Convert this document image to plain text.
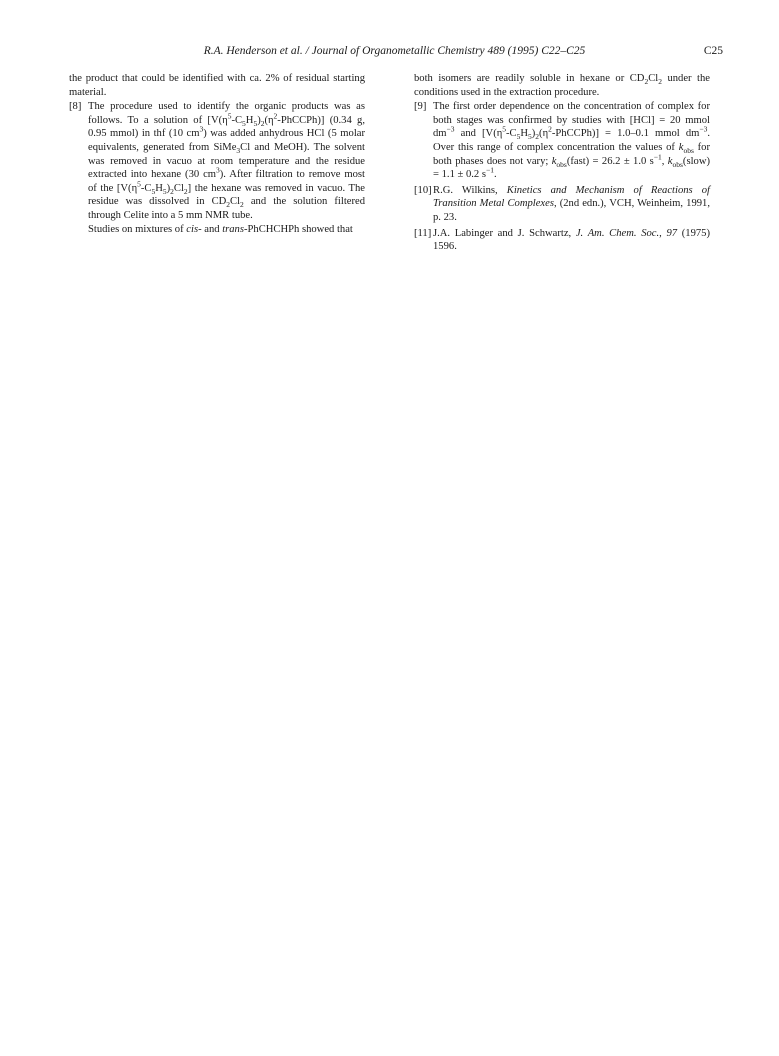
R.A. Henderson et al. / Journal of Organometallic Chemistry 489 (1995) C22–C25	C25

the product that could be identified with ca. 2% of residual starting material.

[8] The procedure used to identify the organic products was as follows. To a solution of $[V(\eta^5-C_5H_5)_2(\eta^2-PhCCPh)]$ (0.34 g, 0.95 mmol) in thf (10 $cm^3$) was added anhydrous HCl (5 molar equivalents, generated from SiMe$_3$Cl and MeOH). The solvent was removed in vacuo at room temperature and the residue extracted into hexane (30 $cm^3$). After filtration to remove most of the $[V(\eta^5-C_5H_5)_2Cl_2]$ the hexane was removed in vacuo. The residue was dissolved in $CD_2Cl_2$ and the solution filtered through Celite into a 5 mm NMR tube.
Studies on mixtures of cis- and trans-PhCHCHPh showed that

both isomers are readily soluble in hexane or $CD_2Cl_2$ under the conditions used in the extraction procedure.

[9] The first order dependence on the concentration of complex for both stages was confirmed by studies with [HCl] = 20 mmol $dm^{-3}$ and $[V(\eta^5-C_5H_5)_2(\eta^2-PhCCPh)] = 1.0-0.1$ mmol $dm^{-3}$. Over this range of complex concentration the values of $k_{obs}$ for both phases does not vary; $k_{obs}(fast) = 26.2 \pm 1.0$ $s^{-1}$, $k_{obs}(slow) = 1.1 \pm 0.2$ $s^{-1}$.
[10] R.G. Wilkins, Kinetics and Mechanism of Reactions of Transition Metal Complexes, (2nd edn.), VCH, Weinheim, 1991, p. 23.
[11] J.A. Labinger and J. Schwartz, J. Am. Chem. Soc., 97 (1975) 1596.
